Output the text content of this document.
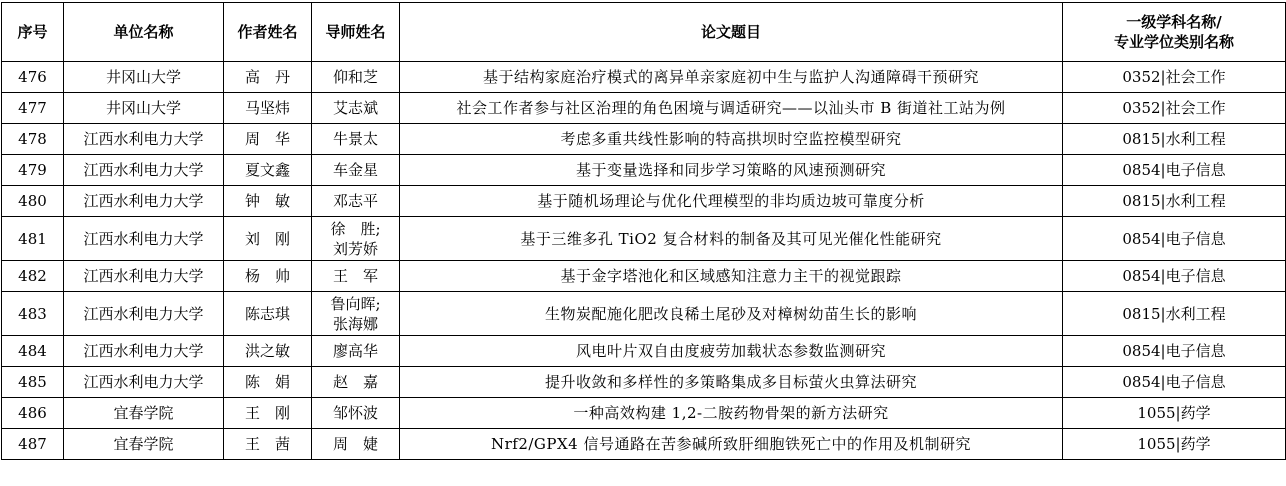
序号	单位名称	作者姓名	导师姓名	论文题目	一级学科名称/
专业学位类别名称

476	井冈山大学	高　丹	仰和芝	基于结构家庭治疗模式的离异单亲家庭初中生与监护人沟通障碍干预研究	0352|社会工作
477	井冈山大学	马坚炜	艾志斌	社会工作者参与社区治理的角色困境与调适研究——以汕头市 B 街道社工站为例	0352|社会工作
478	江西水利电力大学	周　华	牛景太	考虑多重共线性影响的特高拱坝时空监控模型研究	0815|水利工程
479	江西水利电力大学	夏文鑫	车金星	基于变量选择和同步学习策略的风速预测研究	0854|电子信息
480	江西水利电力大学	钟　敏	邓志平	基于随机场理论与优化代理模型的非均质边坡可靠度分析	0815|水利工程
481	江西水利电力大学	刘　刚	徐　胜;
刘芳娇	基于三维多孔 TiO2 复合材料的制备及其可见光催化性能研究	0854|电子信息
482	江西水利电力大学	杨　帅	王　军	基于金字塔池化和区域感知注意力主干的视觉跟踪	0854|电子信息
483	江西水利电力大学	陈志琪	鲁向晖;
张海娜	生物炭配施化肥改良稀土尾砂及对樟树幼苗生长的影响	0815|水利工程
484	江西水利电力大学	洪之敏	廖高华	风电叶片双自由度疲劳加载状态参数监测研究	0854|电子信息
485	江西水利电力大学	陈　娟	赵　嘉	提升收敛和多样性的多策略集成多目标萤火虫算法研究	0854|电子信息
486	宜春学院	王　刚	邹怀波	一种高效构建 1,2-二胺药物骨架的新方法研究	1055|药学
487	宜春学院	王　茜	周　婕	Nrf2/GPX4 信号通路在苦参碱所致肝细胞铁死亡中的作用及机制研究	1055|药学
